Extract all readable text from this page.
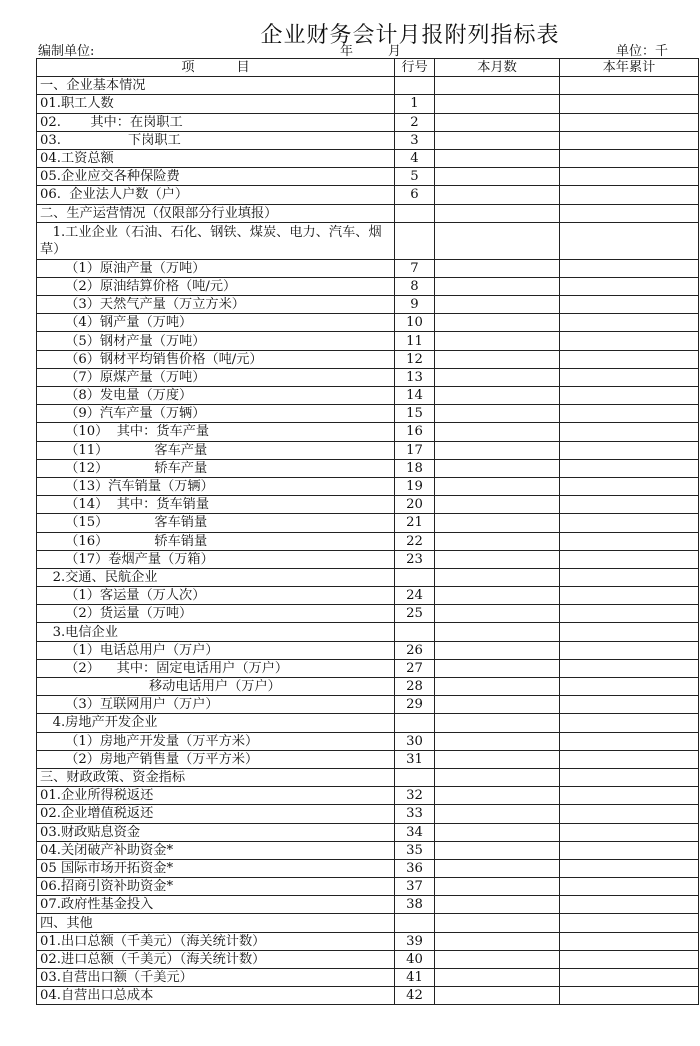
企业财务会计月报附列指标表
编制单位:	年	月	单位：千
项          目	行号	本月数	本年累计
一、企业基本情况			
01.职工人数	1		
02.       其中：在岗职工	2		
03.                下岗职工	3		
04.工资总额	4		
05.企业应交各种保险费	5		
06.  企业法人户数（户）	6		
二、生产运营情况（仅限部分行业填报）			
1.工业企业（石油、石化、钢铁、煤炭、电力、汽车、烟草）			
（1）原油产量（万吨）	7		
（2）原油结算价格（吨/元）	8		
（3）天然气产量（万立方米）	9		
（4）钢产量（万吨）	10		
（5）钢材产量（万吨）	11		
（6）钢材平均销售价格（吨/元）	12		
（7）原煤产量（万吨）	13		
（8）发电量（万度）	14		
（9）汽车产量（万辆）	15		
（10）  其中：货车产量	16		
（11）           客车产量	17		
（12）           轿车产量	18		
（13）汽车销量（万辆）	19		
（14）  其中：货车销量	20		
（15）           客车销量	21		
（16）           轿车销量	22		
（17）卷烟产量（万箱）	23		
2.交通、民航企业			
（1）客运量（万人次）	24		
（2）货运量（万吨）	25		
3.电信企业			
（1）电话总用户（万户）	26		
（2）    其中：固定电话用户（万户）	27		
移动电话用户（万户）	28		
（3）互联网用户（万户）	29		
4.房地产开发企业			
（1）房地产开发量（万平方米）	30		
（2）房地产销售量（万平方米）	31		
三、财政政策、资金指标			
01.企业所得税返还	32		
02.企业增值税返还	33		
03.财政贴息资金	34		
04.关闭破产补助资金*	35		
05 国际市场开拓资金*	36		
06.招商引资补助资金*	37		
07.政府性基金投入	38		
四、其他			
01.出口总额（千美元）（海关统计数）	39		
02.进口总额（千美元）（海关统计数）	40		
03.自营出口额（千美元）	41		
04.自营出口总成本	42		
